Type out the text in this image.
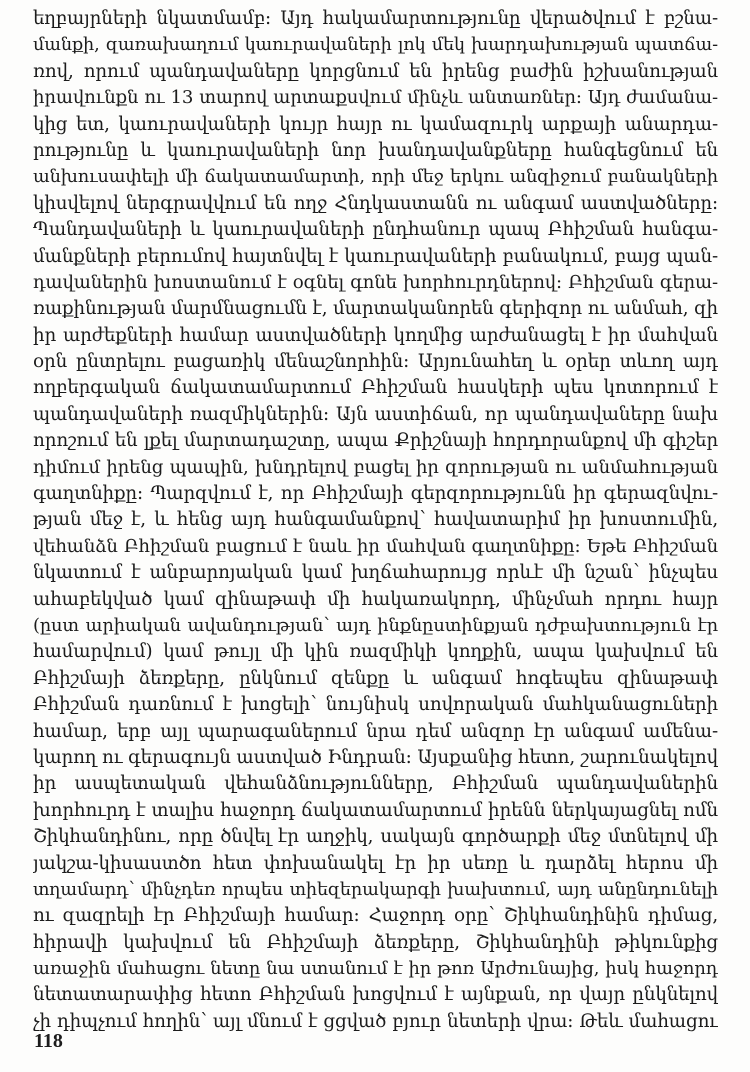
եղբայրների նկատմամբ: Այդ հակամարտությունը վերածվում է բշնա-
մանքի, զառախաղում կաուրավաների լոկ մեկ խարդախության պատճա-
ռով, որում պանդավաները կորցնում են իրենց բաժին իշխանության
իրավունքն ու 13 տարով արտաքսվում մինչև անտառներ: Այդ ժամանա-
կից ետ, կաուրավաների կույր հայր ու կամազուրկ արքայի անարդա-
րությունը և կաուրավաների նոր խանդավանքները հանգեցնում են
անխուսափելի մի ճակատամարտի, որի մեջ երկու անզիջում բանակների
կիսվելով ներգրավվում են ողջ Հնդկաստանն ու անգամ աստվածները:
Պանդավաների և կաուրավաների ընդհանուր պապ Բհիշման հանգա-
մանքների բերումով հայտնվել է կաուրավաների բանակում, բայց պան-
դավաներին խոստանում է օգնել գոնե խորհուրդներով: Բհիշման գերա-
ռաքինության մարմնացումն է, մարտականորեն գերիզոր ու անմահ, զի
իր արժեքների համար աստվածների կողմից արժանացել է իր մահվան
օրն ընտրելու բացառիկ մենաշնորհին: Արյունահեղ և օրեր տևող այդ
ողբերգական ճակատամարտում Բհիշման հասկերի պես կոտորում է
պանդավաների ռազմիկներին: Այն աստիճան, որ պանդավաները նախ
որոշում են լքել մարտադաշտը, ապա Քրիշնայի հորդորանքով մի գիշեր
դիմում իրենց պապին, խնդրելով բացել իր զորության ու անմահության
գաղտնիքը: Պարզվում է, որ Բհիշմայի գերզորությունն իր գերազնվու-
թյան մեջ է, և հենց այդ հանգամանքով՝ հավատարիմ իր խոստումին,
վեհանձն Բհիշման բացում է նաև իր մահվան գաղտնիքը: Եթե Բհիշման
նկատում է անբարոյական կամ խղճահարույց որևէ մի նշան՝ ինչպես
ահաբեկված կամ զինաթափ մի հակառակորդ, մինչմահ որդու հայր
(ըստ արիական ավանդության՝ այդ ինքնըստինքյան դժբախտություն էր
համարվում) կամ թույլ մի կին ռազմիկի կողքին, ապա կախվում են
Բհիշմայի ձեռքերը, ընկնում զենքը և անգամ հոգեպես զինաթափ
Բհիշման դառնում է խոցելի՝ նույնիսկ սովորական մահկանացուների
համար, երբ այլ պարագաներում նրա դեմ անզոր էր անգամ ամենա-
կարող ու գերագույն աստված Ինդրան: Այսքանից հետո, շարունակելով
իր ասպետական վեհանձնությունները, Բհիշման պանդավաներին
խորհուրդ է տալիս հաջորդ ճակատամարտում իրենն ներկայացնել ոմն
Շիկհանդինու, որը ծնվել էր աղջիկ, սակայն գործարքի մեջ մտնելով մի
յակշա-կիսաստծո հետ փոխանակել էր իր սեռը և դարձել հերոս մի
տղամարդ՝ մինչդեռ որպես տիեզերակարգի խախտում, այդ անընդունելի
ու զազրելի էր Բհիշմայի համար: Հաջորդ օրը՝ Շիկհանդինին դիմաց,
հիրավի կախվում են Բհիշմայի ձեռքերը, Շիկհանդինի թիկունքից
առաջին մահացու նետը նա ստանում է իր թոռ Արժունայից, իսկ հաջորդ
նետատարափից հետո Բհիշման խոցվում է այնքան, որ վայր ընկնելով
չի դիպչում հողին՝ այլ մնում է ցցված բյուր նետերի վրա: Թեև մահացու
118
